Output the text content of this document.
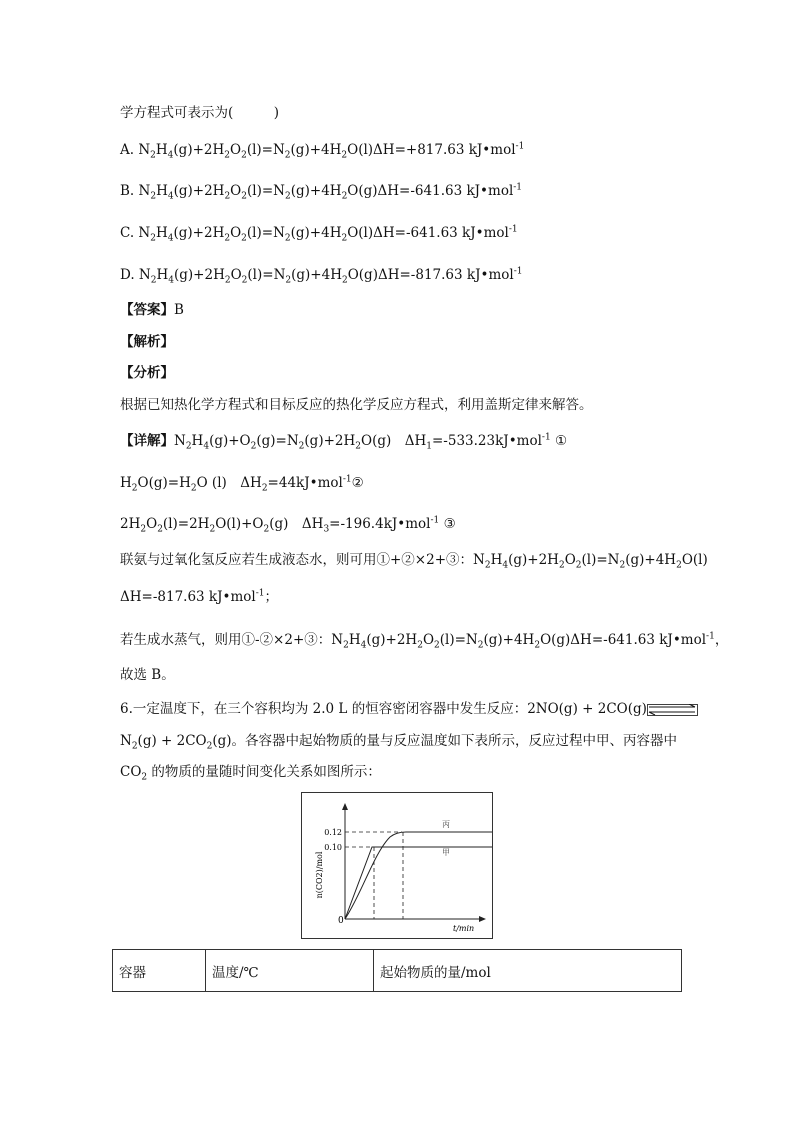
学方程式可表示为(　　　)
A. $N_2H_4(g)+2H_2O_2(l)=N_2(g)+4H_2O(l)\Delta H=+817.63$ kJ•mol$^{-1}$
B. $N_2H_4(g)+2H_2O_2(l)=N_2(g)+4H_2O(g)\Delta H=-641.63$ kJ•mol$^{-1}$
C. $N_2H_4(g)+2H_2O_2(l)=N_2(g)+4H_2O(l)\Delta H=-641.63$ kJ•mol$^{-1}$
D. $N_2H_4(g)+2H_2O_2(l)=N_2(g)+4H_2O(g)\Delta H=-817.63$ kJ•mol$^{-1}$
【答案】B
【解析】
【分析】
根据已知热化学方程式和目标反应的热化学反应方程式，利用盖斯定律来解答。
【详解】$N_2H_4(g)+O_2(g)=N_2(g)+2H_2O(g)$　$\Delta H_1=-533.23kJ•mol^{-1}$ ①
$H_2O(g)=H_2O$ (l)　$\Delta H_2=44kJ•mol^{-1}②$
$2H_2O_2(l)=2H_2O(l)+O_2(g)$　$\Delta H_3=-196.4kJ•mol^{-1}$ ③
联氨与过氧化氢反应若生成液态水，则可用①+②×2+③：$N_2H_4(g)+2H_2O_2(l)=N_2(g)+4H_2O(l)$
ΔH=-817.63 kJ•mol$^{-1}$；
若生成水蒸气，则用①-②×2+③：$N_2H_4(g)+2H_2O_2(l)=N_2(g)+4H_2O(g)\Delta H=-641.63$ kJ•mol$^{-1}$，
故选 B。
6.一定温度下，在三个容积均为 2.0 L 的恒容密闭容器中发生反应：2NO(g) + 2CO(g)
$N_2(g) + 2CO_2(g)$。各容器中起始物质的量与反应温度如下表所示，反应过程中甲、丙容器中
$CO_2$ 的物质的量随时间变化关系如图所示：
0.12
0.10
0
t/min
n(CO2)/mol
丙
甲
容器	温度/℃	起始物质的量/mol
